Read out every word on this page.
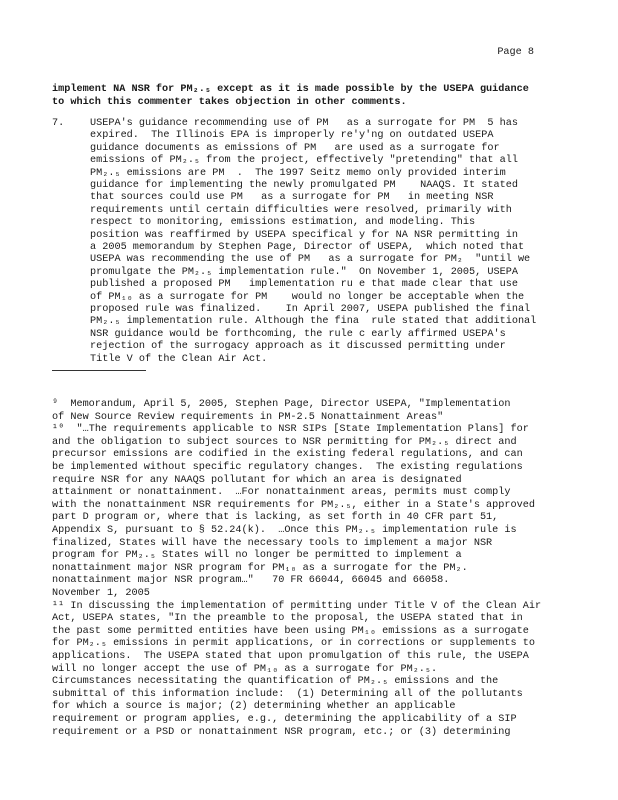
Page 8
implement NA NSR for PM₂.₅ except as it is made possible by the USEPA guidance
to which this commenter takes objection in other comments.
7.	USEPA's guidance recommending use of PM   as a surrogate for PM  5 has
expired.  The Illinois EPA is improperly re'y'ng on outdated USEPA
guidance documents as emissions of PM   are used as a surrogate for
emissions of PM₂.₅ from the project, effectively "pretending" that all
PM₂.₅ emissions are PM  .  The 1997 Seitz memo only provided interim
guidance for implementing the newly promulgated PM    NAAQS. It stated
that sources could use PM   as a surrogate for PM   in meeting NSR
requirements until certain difficulties were resolved, primarily with
respect to monitoring, emissions estimation, and modeling. This
position was reaffirmed by USEPA specifical y for NA NSR permitting in
a 2005 memorandum by Stephen Page, Director of USEPA,  which noted that
USEPA was recommending the use of PM   as a surrogate for PM₂  "until we
promulgate the PM₂.₅ implementation rule."  On November 1, 2005, USEPA
published a proposed PM   implementation ru e that made clear that use
of PM₁₀ as a surrogate for PM    would no longer be acceptable when the
proposed rule was finalized.    In April 2007, USEPA published the final
PM₂.₅ implementation rule. Although the fina  rule stated that additional
NSR guidance would be forthcoming, the rule c early affirmed USEPA's
rejection of the surrogacy approach as it discussed permitting under
Title V of the Clean Air Act.
⁹  Memorandum, April 5, 2005, Stephen Page, Director USEPA, "Implementation
of New Source Review requirements in PM-2.5 Nonattainment Areas"
¹⁰  "…The requirements applicable to NSR SIPs [State Implementation Plans] for
and the obligation to subject sources to NSR permitting for PM₂.₅ direct and
precursor emissions are codified in the existing federal regulations, and can
be implemented without specific regulatory changes.  The existing regulations
require NSR for any NAAQS pollutant for which an area is designated
attainment or nonattainment.  …For nonattainment areas, permits must comply
with the nonattainment NSR requirements for PM₂.₅, either in a State's approved
part D program or, where that is lacking, as set forth in 40 CFR part 51,
Appendix S, pursuant to § 52.24(k).  …Once this PM₂.₅ implementation rule is
finalized, States will have the necessary tools to implement a major NSR
program for PM₂.₅ States will no longer be permitted to implement a
nonattainment major NSR program for PM₁₀ as a surrogate for the PM₂.
nonattainment major NSR program…"   70 FR 66044, 66045 and 66058.
November 1, 2005
¹¹ In discussing the implementation of permitting under Title V of the Clean Air
Act, USEPA states, "In the preamble to the proposal, the USEPA stated that in
the past some permitted entities have been using PM₁₀ emissions as a surrogate
for PM₂.₅ emissions in permit applications, or in corrections or supplements to
applications.  The USEPA stated that upon promulgation of this rule, the USEPA
will no longer accept the use of PM₁₀ as a surrogate for PM₂.₅.
Circumstances necessitating the quantification of PM₂.₅ emissions and the
submittal of this information include:  (1) Determining all of the pollutants
for which a source is major; (2) determining whether an applicable
requirement or program applies, e.g., determining the applicability of a SIP
requirement or a PSD or nonattainment NSR program, etc.; or (3) determining
